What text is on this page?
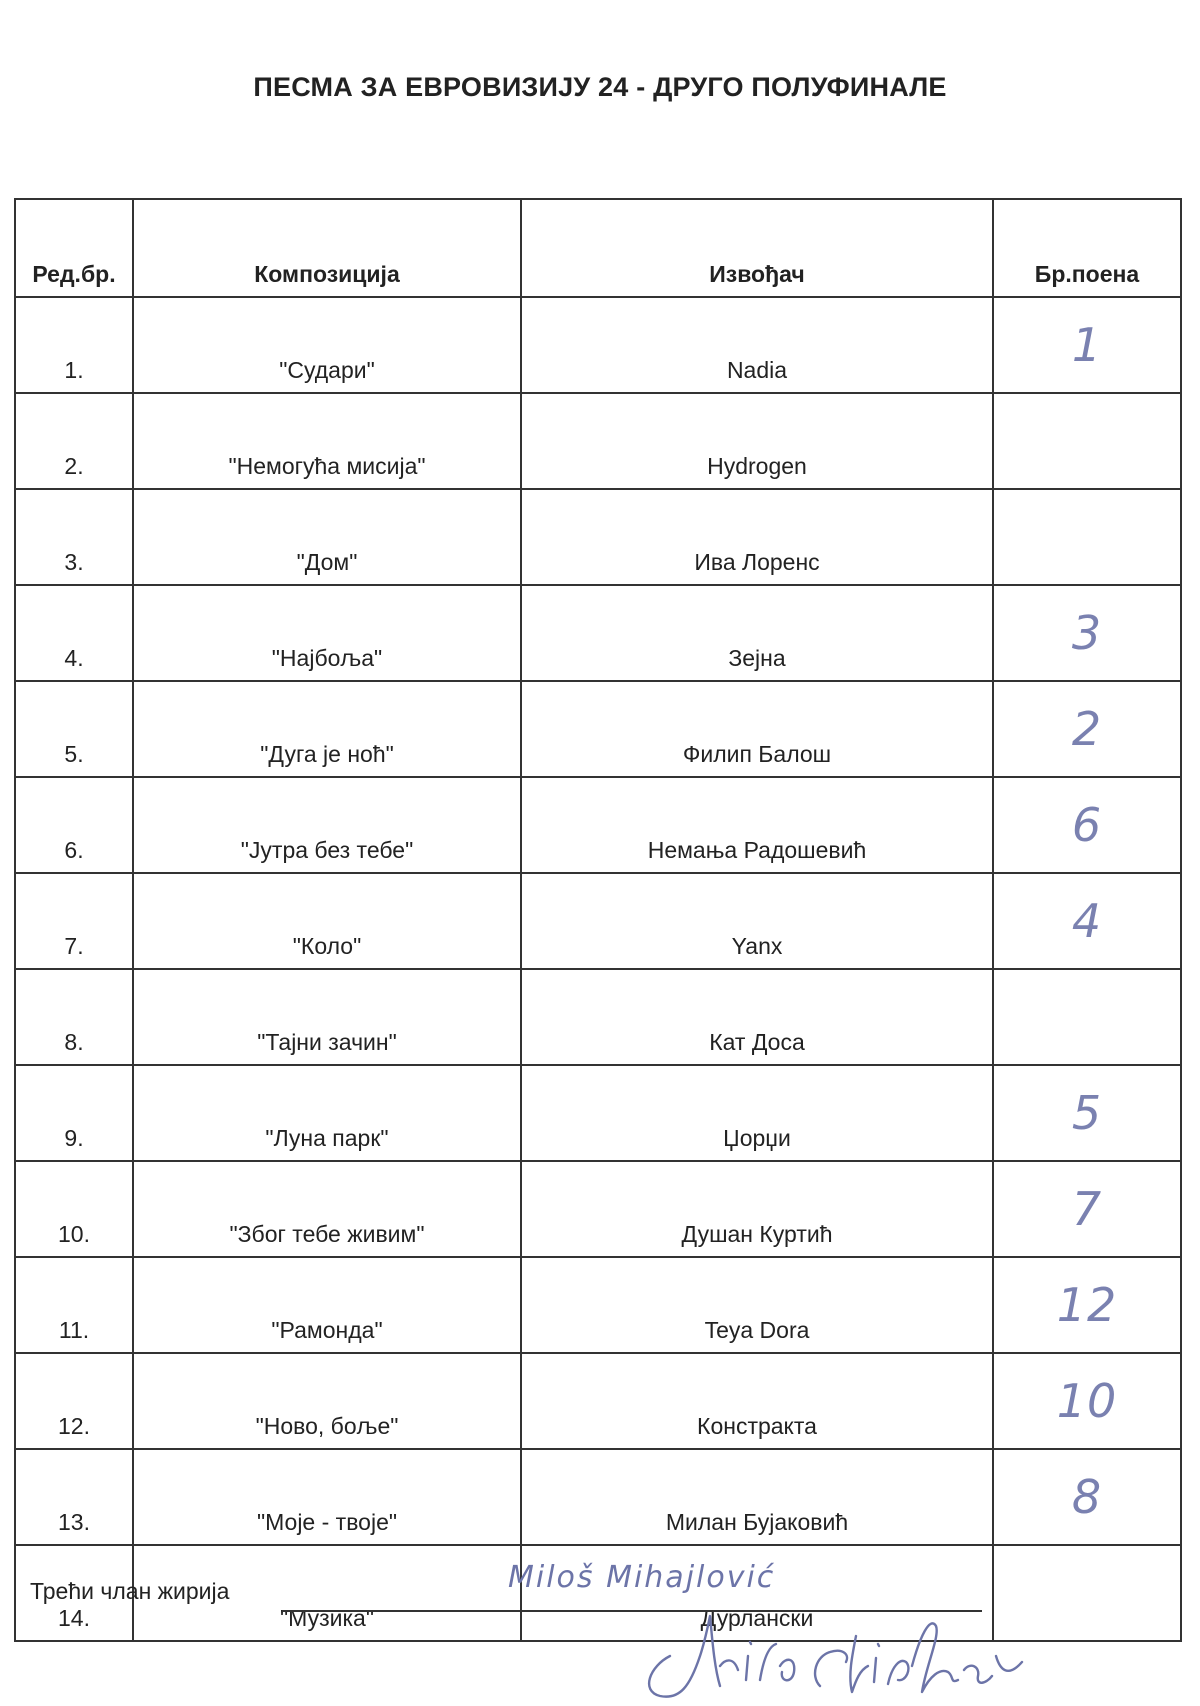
ПЕСМА ЗА ЕВРОВИЗИЈУ 24 - ДРУГО ПОЛУФИНАЛЕ
Ред.бр.	Композиција	Извођач	Бр.поена
1.	"Судари"	Nadia	1
2.	"Немогућа мисија"	Hydrogen	
3.	"Дом"	Ива Лоренс	
4.	"Најбоља"	Зејна	3
5.	"Дуга је ноћ"	Филип Балош	2
6.	"Јутра без тебе"	Немања Радошевић	6
7.	"Коло"	Yanx	4
8.	"Тајни зачин"	Кат Доса	
9.	"Луна парк"	Џорџи	5
10.	"Због тебе живим"	Душан Куртић	7
11.	"Рамонда"	Teya Dora	12
12.	"Ново, боље"	Констракта	10
13.	"Моје - твоје"	Милан Бујаковић	8
14.	"Музика"	Дурлански	
Трећи члан жирија	Miloš Mihajlović
